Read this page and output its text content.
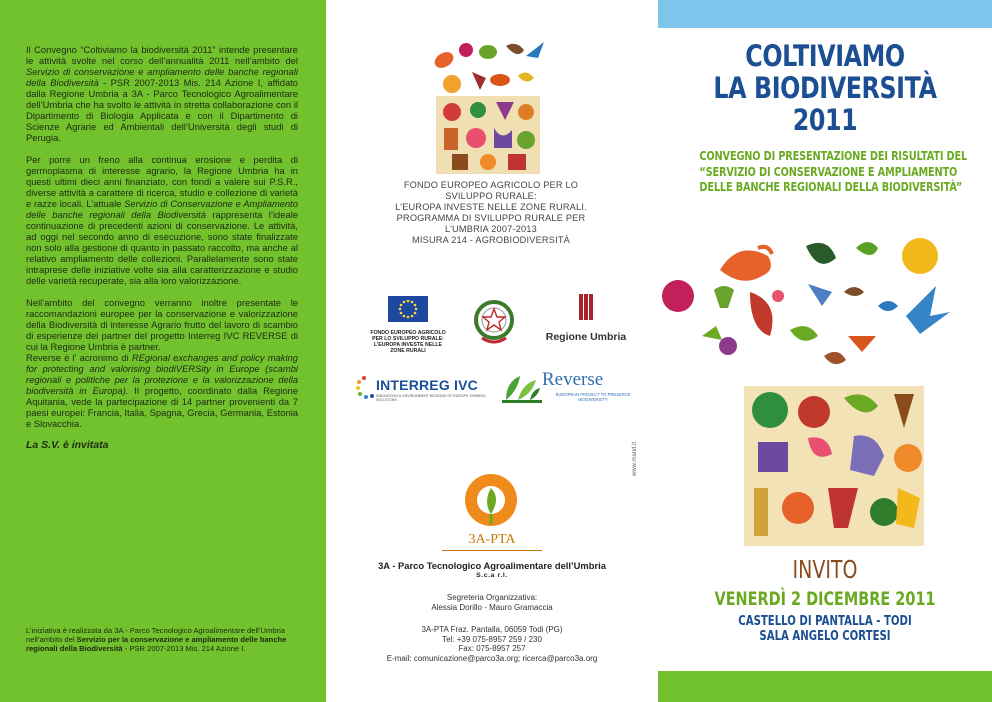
Il Convegno “Coltiviamo la biodiversità 2011” intende presentare le attività svolte nel corso dell’annualità 2011 nell’ambito del Servizio di conservazione e ampliamento delle banche regionali della Biodiversità - PSR 2007-2013 Mis. 214 Azione I, affidato dalla Regione Umbria a 3A - Parco Tecnologico Agroalimentare dell’Umbria che ha svolto le attività in stretta collaborazione con il Dipartimento di Biologia Applicata e con il Dipartimento di Scienze Agrarie ed Ambientali dell’Università degli studi di Perugia.

Per porre un freno alla continua erosione e perdita di germoplasma di interesse agrario, la Regione Umbria ha in questi ultimi dieci anni finanziato, con fondi a valere sui P.S.R., diverse attività a carattere di ricerca, studio e collezione di varietà e razze locali. L’attuale Servizio di Conservazione e Ampliamento delle banche regionali della Biodiversità rappresenta l’ideale continuazione di precedenti azioni di conservazione. Le attività, ad oggi nel secondo anno di esecuzione, sono state finalizzate non solo alla gestione di quanto in passato raccolto, ma anche al relativo ampliamento delle collezioni. Parallelamente sono state intraprese delle iniziative volte sia alla caratterizzazione e studio delle varietà recuperate, sia alla loro valorizzazione.

Nell’ambito del convegno verranno inoltre presentate le raccomandazioni europee per la conservazione e valorizzazione della Biodiversità di interesse Agrario frutto del lavoro di scambio di esperienze dei partner del progetto Interreg IVC REVERSE di cui la Regione Umbria è partner.
Reverse è l’ acronimo di REgional exchanges and policy making for protecting and valorising biodiVERSity in Europe (scambi regionali e politiche per la protezione e la valorizzazione della biodiversità in Europa). Il progetto, coordinato dalla Regione Aquitania, vede la partecipazione di 14 partner provenienti da 7 paesi europei: Francia, Italia, Spagna, Grecia, Germania, Estonia e Slovacchia.

La S.V. è invitata

L’iniziativa è realizzata da 3A - Parco Tecnologico Agroalimentare dell’Umbria nell’ambito del Servizio per la conservazione e ampliamento delle banche regionali della Biodiversità - PSR 2007-2013 Mis. 214 Azione I.
FONDO EUROPEO AGRICOLO PER LO
SVILUPPO RURALE:
L’EUROPA INVESTE NELLE ZONE RURALI.
PROGRAMMA DI SVILUPPO RURALE PER
L’UMBRIA 2007-2013
MISURA 214 - AGROBIODIVERSITÀ
FONDO EUROPEO AGRICOLO
PER LO SVILUPPO RURALE:
L’EUROPA INVESTE NELLE
ZONE RURALI
Regione Umbria
INTERREG IVC
INNOVATION & ENVIRONMENT REGIONS OF EUROPE SHARING SOLUTIONS
Reverse
EUROPEAN PROJECT TO PRESERVE BIODIVERSITY
www.mand.it
3A-PTA
3A - Parco Tecnologico Agroalimentare dell’Umbria
S.c.a r.l.
Segreteria Organizzativa:
Alessia Dorillo - Mauro Gramaccia
3A-PTA Fraz. Pantalla, 06059 Todi (PG)
Tel: +39 075-8957 259 / 230
Fax: 075-8957 257
E-mail: comunicazione@parco3a.org; ricerca@parco3a.org
COLTIVIAMO
LA BIODIVERSITÀ
2011
CONVEGNO DI PRESENTAZIONE DEI RISULTATI DEL
“SERVIZIO DI CONSERVAZIONE E AMPLIAMENTO
DELLE BANCHE REGIONALI DELLA BIODIVERSITÀ”
INVITO
VENERDÌ 2 DICEMBRE 2011
CASTELLO DI PANTALLA - TODI
SALA ANGELO CORTESI
